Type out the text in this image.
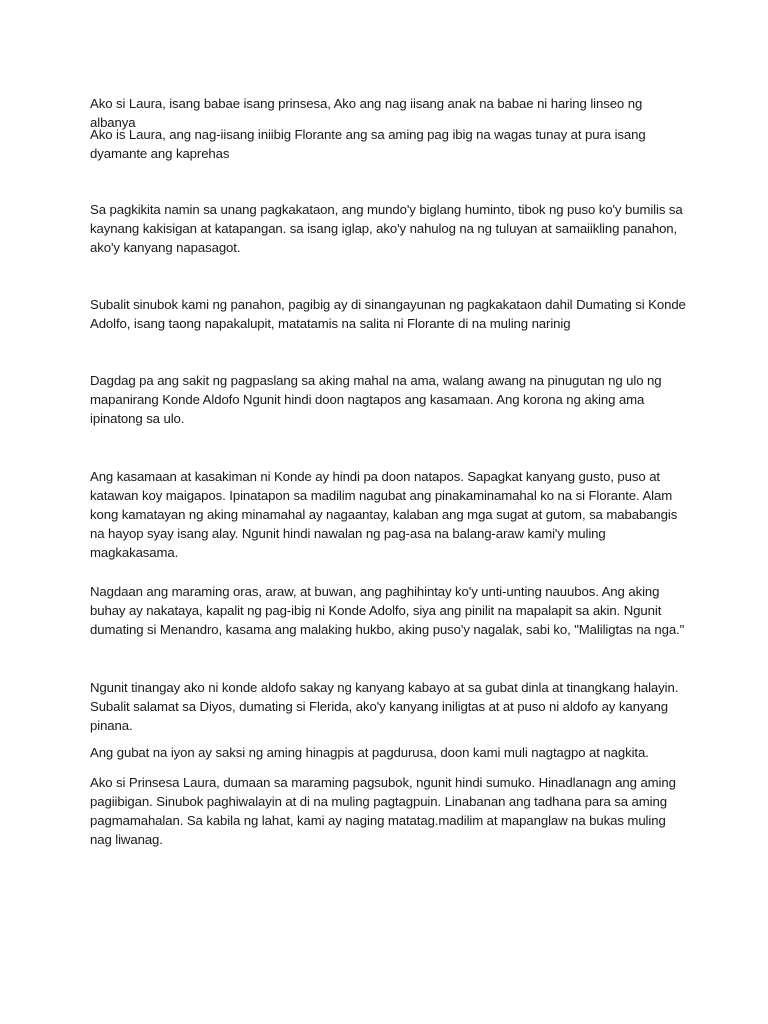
Ako si Laura, isang babae isang prinsesa, Ako ang nag iisang anak na babae ni haring linseo ng albanya

Ako is Laura, ang nag-iisang iniibig Florante ang sa aming pag ibig na wagas tunay at pura isang dyamante ang kaprehas

Sa pagkikita namin sa unang pagkakataon, ang mundo'y biglang huminto, tibok ng puso ko'y bumilis sa kaynang kakisigan at katapangan. sa isang iglap, ako'y nahulog na ng tuluyan at samaiikling panahon, ako'y kanyang napasagot.

Subalit sinubok kami ng panahon, pagibig ay di sinangayunan ng pagkakataon dahil Dumating si Konde Adolfo, isang taong napakalupit, matatamis na salita ni Florante di na muling narinig

Dagdag pa ang sakit ng pagpaslang sa aking mahal na ama, walang awang na pinugutan ng ulo ng mapanirang Konde Aldofo Ngunit hindi doon nagtapos ang kasamaan. Ang korona ng aking ama ipinatong sa ulo.

Ang kasamaan at kasakiman ni Konde ay hindi pa doon natapos. Sapagkat kanyang gusto, puso at katawan koy maigapos. Ipinatapon sa madilim nagubat ang pinakaminamahal ko na si Florante. Alam kong kamatayan ng aking minamahal ay nagaantay, kalaban ang mga sugat at gutom, sa mababangis na hayop syay isang alay. Ngunit hindi nawalan ng pag-asa na balang-araw kami'y muling magkakasama.

Nagdaan ang maraming oras, araw, at buwan, ang paghihintay ko'y unti-unting nauubos. Ang aking buhay ay nakataya, kapalit ng pag-ibig ni Konde Adolfo, siya ang pinilit na mapalapit sa akin. Ngunit dumating si Menandro, kasama ang malaking hukbo, aking puso'y nagalak, sabi ko, "Maliligtas na nga."

Ngunit tinangay ako ni konde aldofo sakay ng kanyang kabayo at sa gubat dinla at tinangkang halayin. Subalit salamat sa Diyos, dumating si Flerida, ako'y kanyang iniligtas at at puso ni aldofo ay kanyang pinana.

Ang gubat na iyon ay saksi ng aming hinagpis at pagdurusa, doon kami muli nagtagpo at nagkita.

Ako si Prinsesa Laura, dumaan sa maraming pagsubok, ngunit hindi sumuko. Hinadlanagn ang aming pagiibigan. Sinubok paghiwalayin at di na muling pagtagpuin. Linabanan ang tadhana para sa aming pagmamahalan. Sa kabila ng lahat, kami ay naging matatag.madilim at mapanglaw na bukas muling nag liwanag.
